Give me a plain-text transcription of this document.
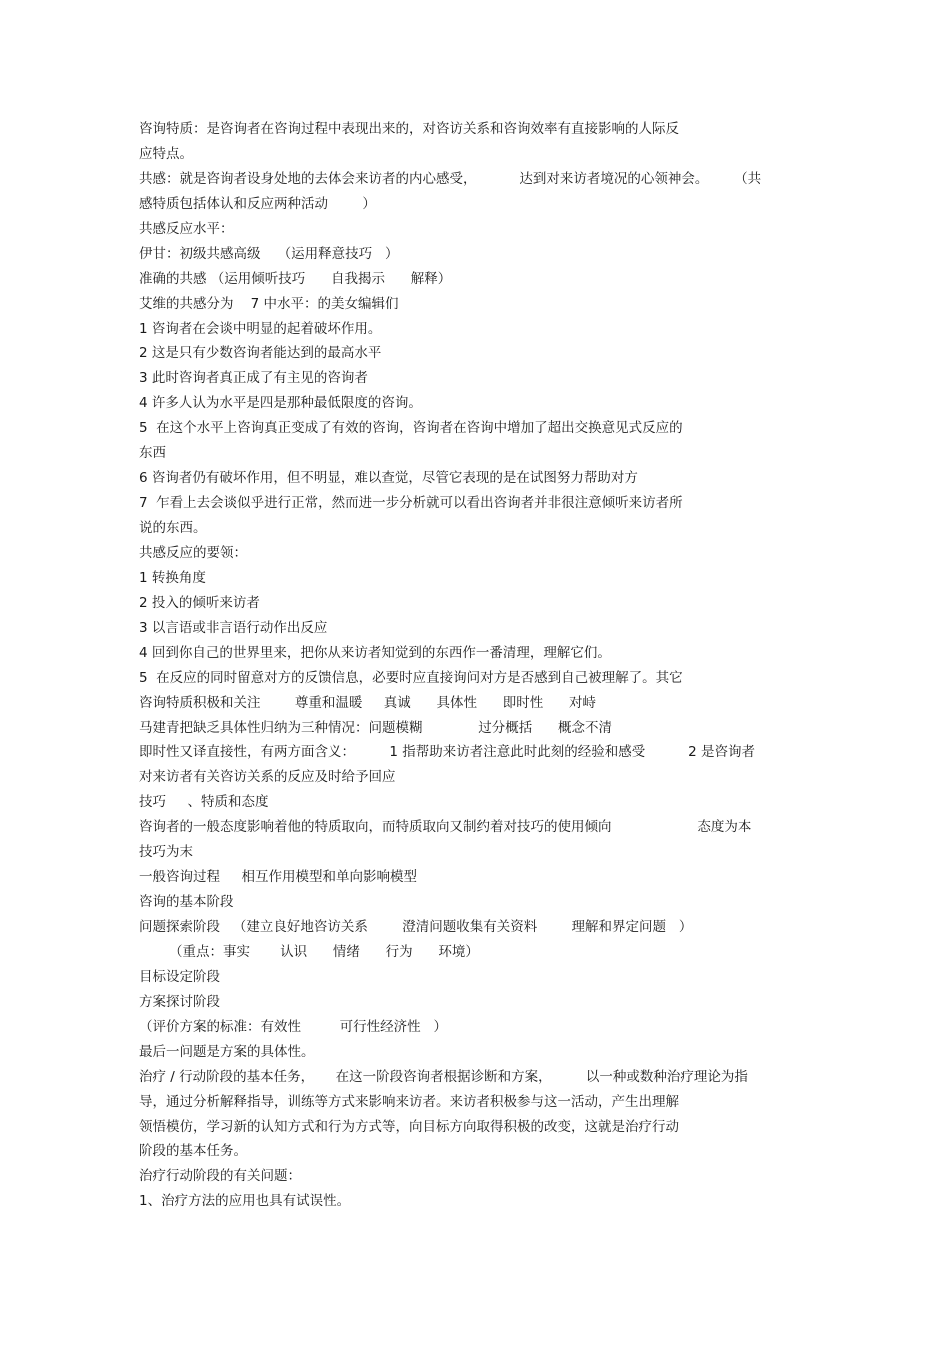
咨询特质：是咨询者在咨询过程中表现出来的，对咨访关系和咨询效率有直接影响的人际反
应特点。
共感：就是咨询者设身处地的去体会来访者的内心感受，          达到对来访者境况的心领神会。      （共
感特质包括体认和反应两种活动        ）
共感反应水平：
伊甘：初级共感高级    （运用释意技巧   ）
准确的共感 （运用倾听技巧      自我揭示      解释）
艾维的共感分为    7 中水平：的美女编辑们
1 咨询者在会谈中明显的起着破坏作用。
2 这是只有少数咨询者能达到的最高水平
3 此时咨询者真正成了有主见的咨询者
4 许多人认为水平是四是那种最低限度的咨询。
5  在这个水平上咨询真正变成了有效的咨询，咨询者在咨询中增加了超出交换意见式反应的
东西
6 咨询者仍有破坏作用，但不明显，难以查觉，尽管它表现的是在试图努力帮助对方
7  乍看上去会谈似乎进行正常，然而进一步分析就可以看出咨询者并非很注意倾听来访者所
说的东西。
共感反应的要领：
1 转换角度
2 投入的倾听来访者
3 以言语或非言语行动作出反应
4 回到你自己的世界里来，把你从来访者知觉到的东西作一番清理，理解它们。
5  在反应的同时留意对方的反馈信息，必要时应直接询问对方是否感到自己被理解了。其它
咨询特质积极和关注        尊重和温暖     真诚      具体性      即时性      对峙
马建青把缺乏具体性归纳为三种情况：问题模糊             过分概括      概念不清
即时性又译直接性，有两方面含义：        1 指帮助来访者注意此时此刻的经验和感受          2 是咨询者
对来访者有关咨访关系的反应及时给予回应
技巧     、特质和态度
咨询者的一般态度影响着他的特质取向，而特质取向又制约着对技巧的使用倾向                    态度为本
技巧为末
一般咨询过程     相互作用模型和单向影响模型
咨询的基本阶段
问题探索阶段   （建立良好地咨访关系        澄清问题收集有关资料        理解和界定问题   ）
（重点：事实       认识      情绪      行为      环境）
目标设定阶段
方案探讨阶段
（评价方案的标准：有效性         可行性经济性   ）
最后一问题是方案的具体性。
治疗 / 行动阶段的基本任务，     在这一阶段咨询者根据诊断和方案，        以一种或数种治疗理论为指
导，通过分析解释指导，训练等方式来影响来访者。来访者积极参与这一活动，产生出理解
领悟模仿，学习新的认知方式和行为方式等，向目标方向取得积极的改变，这就是治疗行动
阶段的基本任务。
治疗行动阶段的有关问题：
1、治疗方法的应用也具有试误性。
